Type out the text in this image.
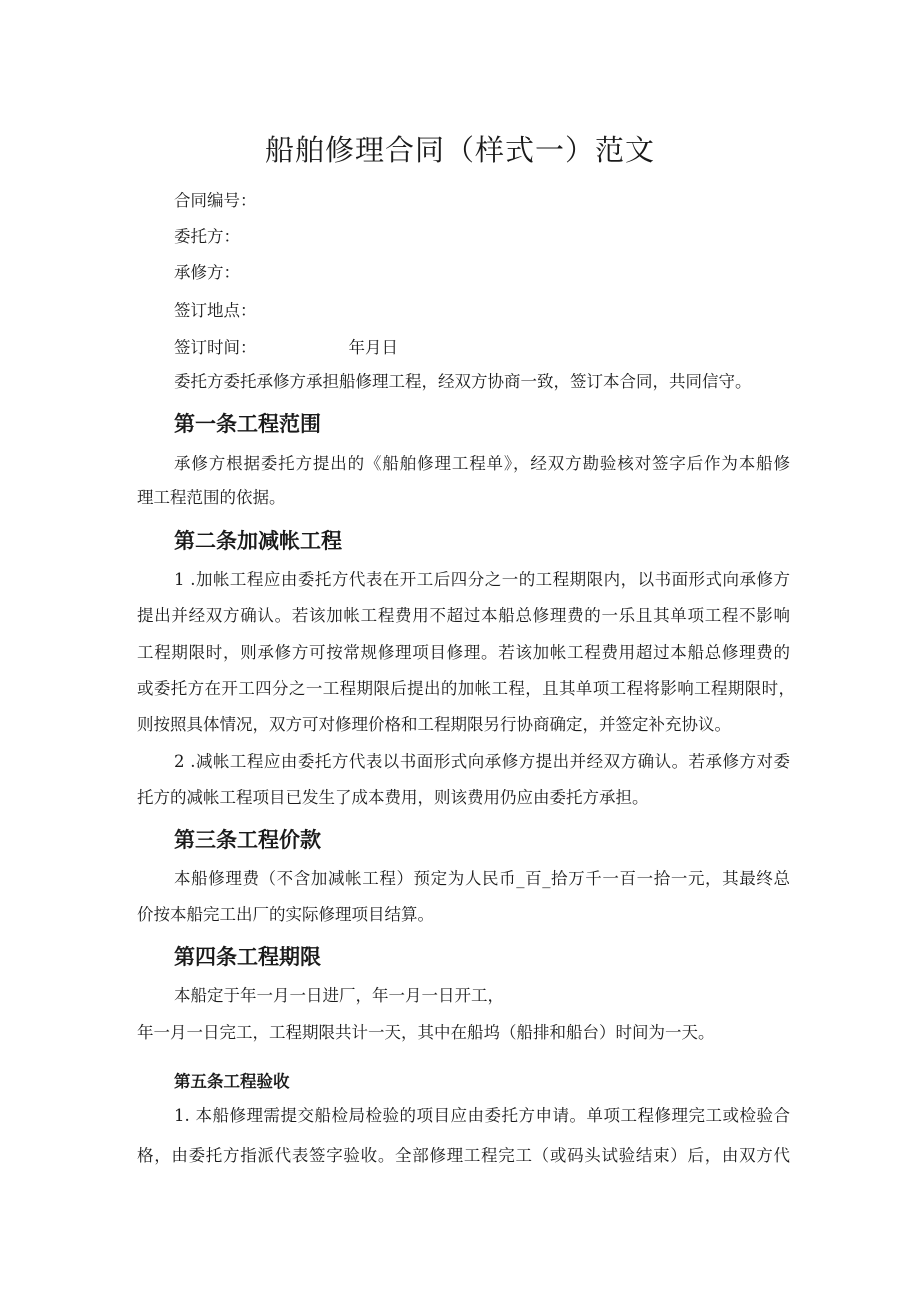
船舶修理合同（样式一）范文

合同编号：

委托方：

承修方：

签订地点：

签订时间：	年月日

委托方委托承修方承担船修理工程，经双方协商一致，签订本合同，共同信守。

第一条工程范围

承修方根据委托方提出的《船舶修理工程单》，经双方勘验核对签字后作为本船修

理工程范围的依据。

第二条加减帐工程

1 .加帐工程应由委托方代表在开工后四分之一的工程期限内，以书面形式向承修方

提出并经双方确认。若该加帐工程费用不超过本船总修理费的一乐且其单项工程不影响

工程期限时，则承修方可按常规修理项目修理。若该加帐工程费用超过本船总修理费的

或委托方在开工四分之一工程期限后提出的加帐工程，且其单项工程将影响工程期限时，

则按照具体情况，双方可对修理价格和工程期限另行协商确定，并签定补充协议。

2 .减帐工程应由委托方代表以书面形式向承修方提出并经双方确认。若承修方对委

托方的减帐工程项目已发生了成本费用，则该费用仍应由委托方承担。

第三条工程价款

本船修理费（不含加减帐工程）预定为人民币_百_拾万千一百一拾一元，其最终总

价按本船完工出厂的实际修理项目结算。

第四条工程期限

本船定于年一月一日进厂，年一月一日开工，

年一月一日完工，工程期限共计一天，其中在船坞（船排和船台）时间为一天。

第五条工程验收

1. 本船修理需提交船检局检验的项目应由委托方申请。单项工程修理完工或检验合

格，由委托方指派代表签字验收。全部修理工程完工（或码头试验结束）后，由双方代
